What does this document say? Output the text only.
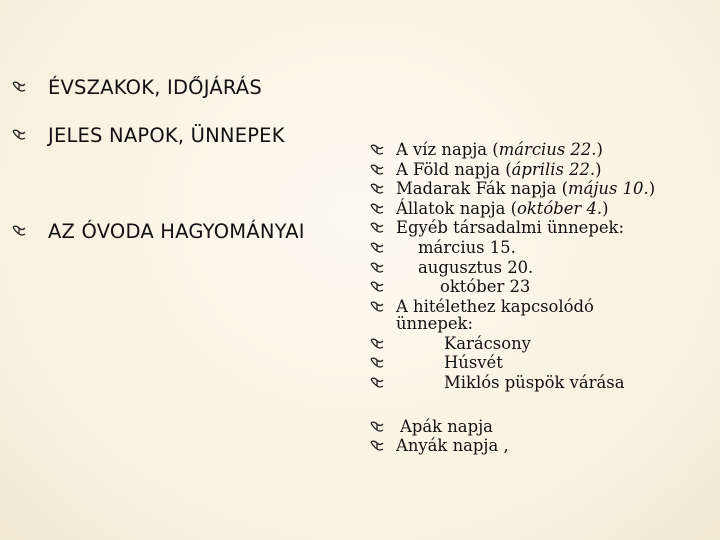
ÉVSZAKOK, IDŐJÁRÁS
JELES NAPOK, ÜNNEPEK
AZ ÓVODA HAGYOMÁNYAI
A víz napja (március 22.)
A Föld napja (április 22.)
Madarak Fák napja (május 10.)
Állatok napja (október 4.)
Egyéb társadalmi ünnepek:
március 15.
augusztus 20.
október 23
A hitélethez kapcsolódó
ünnepek:
Karácsony
Húsvét
Miklós püspök várása
Apák napja
Anyák napja ,
